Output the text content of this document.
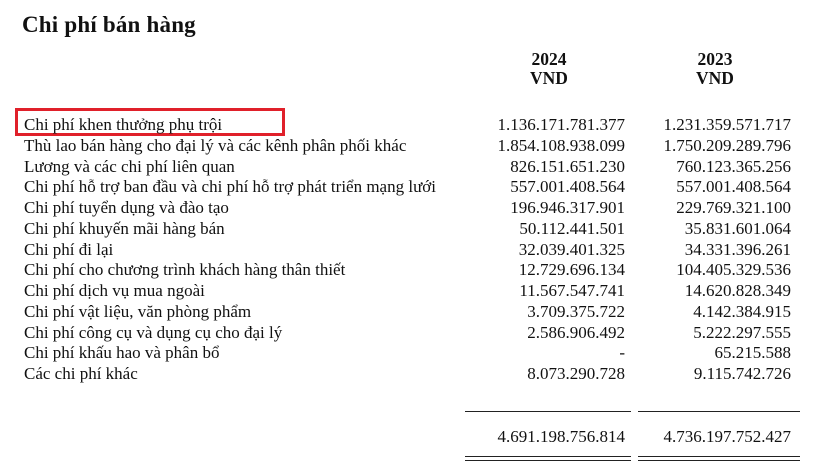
Chi phí bán hàng
2024
VND
2023
VND
Chi phí khen thưởng phụ trội	1.136.171.781.377 1.231.359.571.717
Thù lao bán hàng cho đại lý và các kênh phân phối khác	1.854.108.938.099 1.750.209.289.796
Lương và các chi phí liên quan	826.151.651.230	760.123.365.256
Chi phí hỗ trợ ban đầu và chi phí hỗ trợ phát triển mạng lưới	557.001.408.564	557.001.408.564
Chi phí tuyển dụng và đào tạo	196.946.317.901	229.769.321.100
Chi phí khuyến mãi hàng bán	50.112.441.501	35.831.601.064
Chi phí đi lại	32.039.401.325	34.331.396.261
Chi phí cho chương trình khách hàng thân thiết	12.729.696.134	104.405.329.536
Chi phí dịch vụ mua ngoài	11.567.547.741	14.620.828.349
Chi phí vật liệu, văn phòng phẩm	3.709.375.722	4.142.384.915
Chi phí công cụ và dụng cụ cho đại lý	2.586.906.492	5.222.297.555
Chi phí khấu hao và phân bổ	-	65.215.588
Các chi phí khác	8.073.290.728	9.115.742.726
4.691.198.756.814 4.736.197.752.427
